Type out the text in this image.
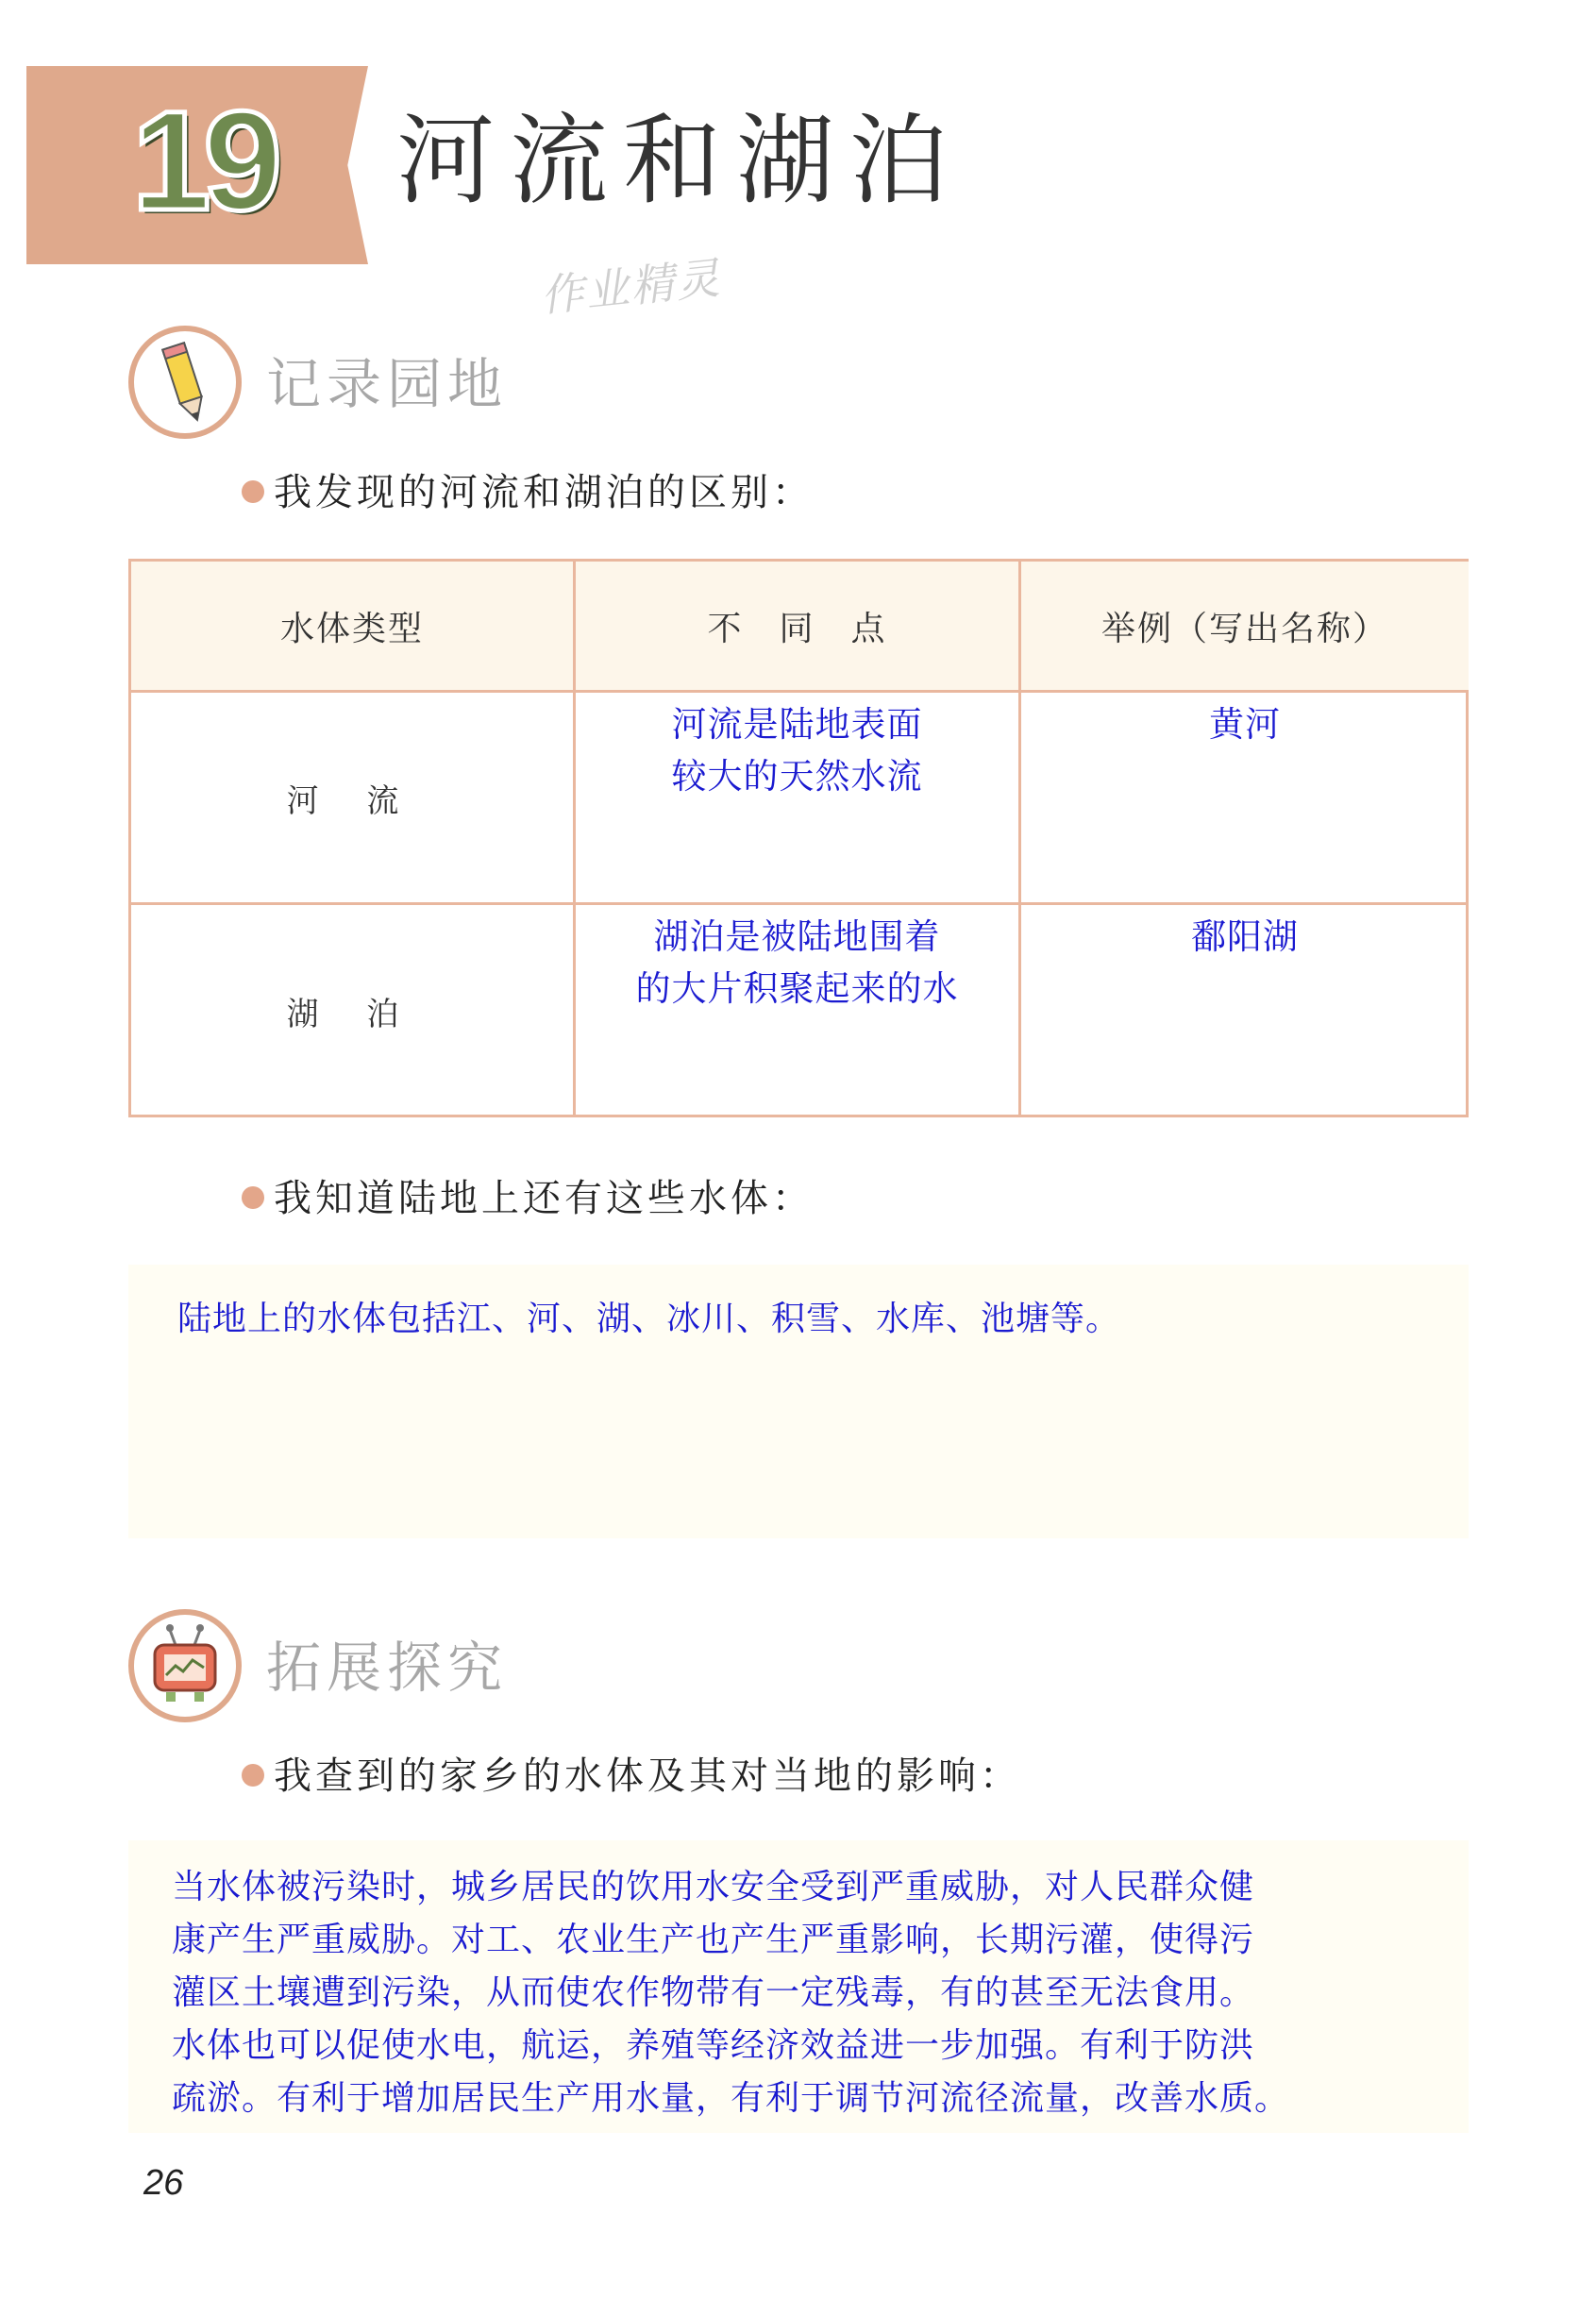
19 河流和湖泊
作业精灵
记录园地
我发现的河流和湖泊的区别：
水体类型	不　同　点	举例（写出名称）
河 流
河流是陆地表面
较大的天然水流
黄河
湖 泊
湖泊是被陆地围着
的大片积聚起来的水
鄱阳湖
我知道陆地上还有这些水体：
陆地上的水体包括江、河、湖、冰川、积雪、水库、池塘等。
拓展探究
我查到的家乡的水体及其对当地的影响：
当水体被污染时，城乡居民的饮用水安全受到严重威胁，对人民群众健
康产生严重威胁。对工、农业生产也产生严重影响，长期污灌，使得污
灌区土壤遭到污染，从而使农作物带有一定残毒，有的甚至无法食用。
水体也可以促使水电，航运，养殖等经济效益进一步加强。有利于防洪
疏淤。有利于增加居民生产用水量，有利于调节河流径流量，改善水质。
26
